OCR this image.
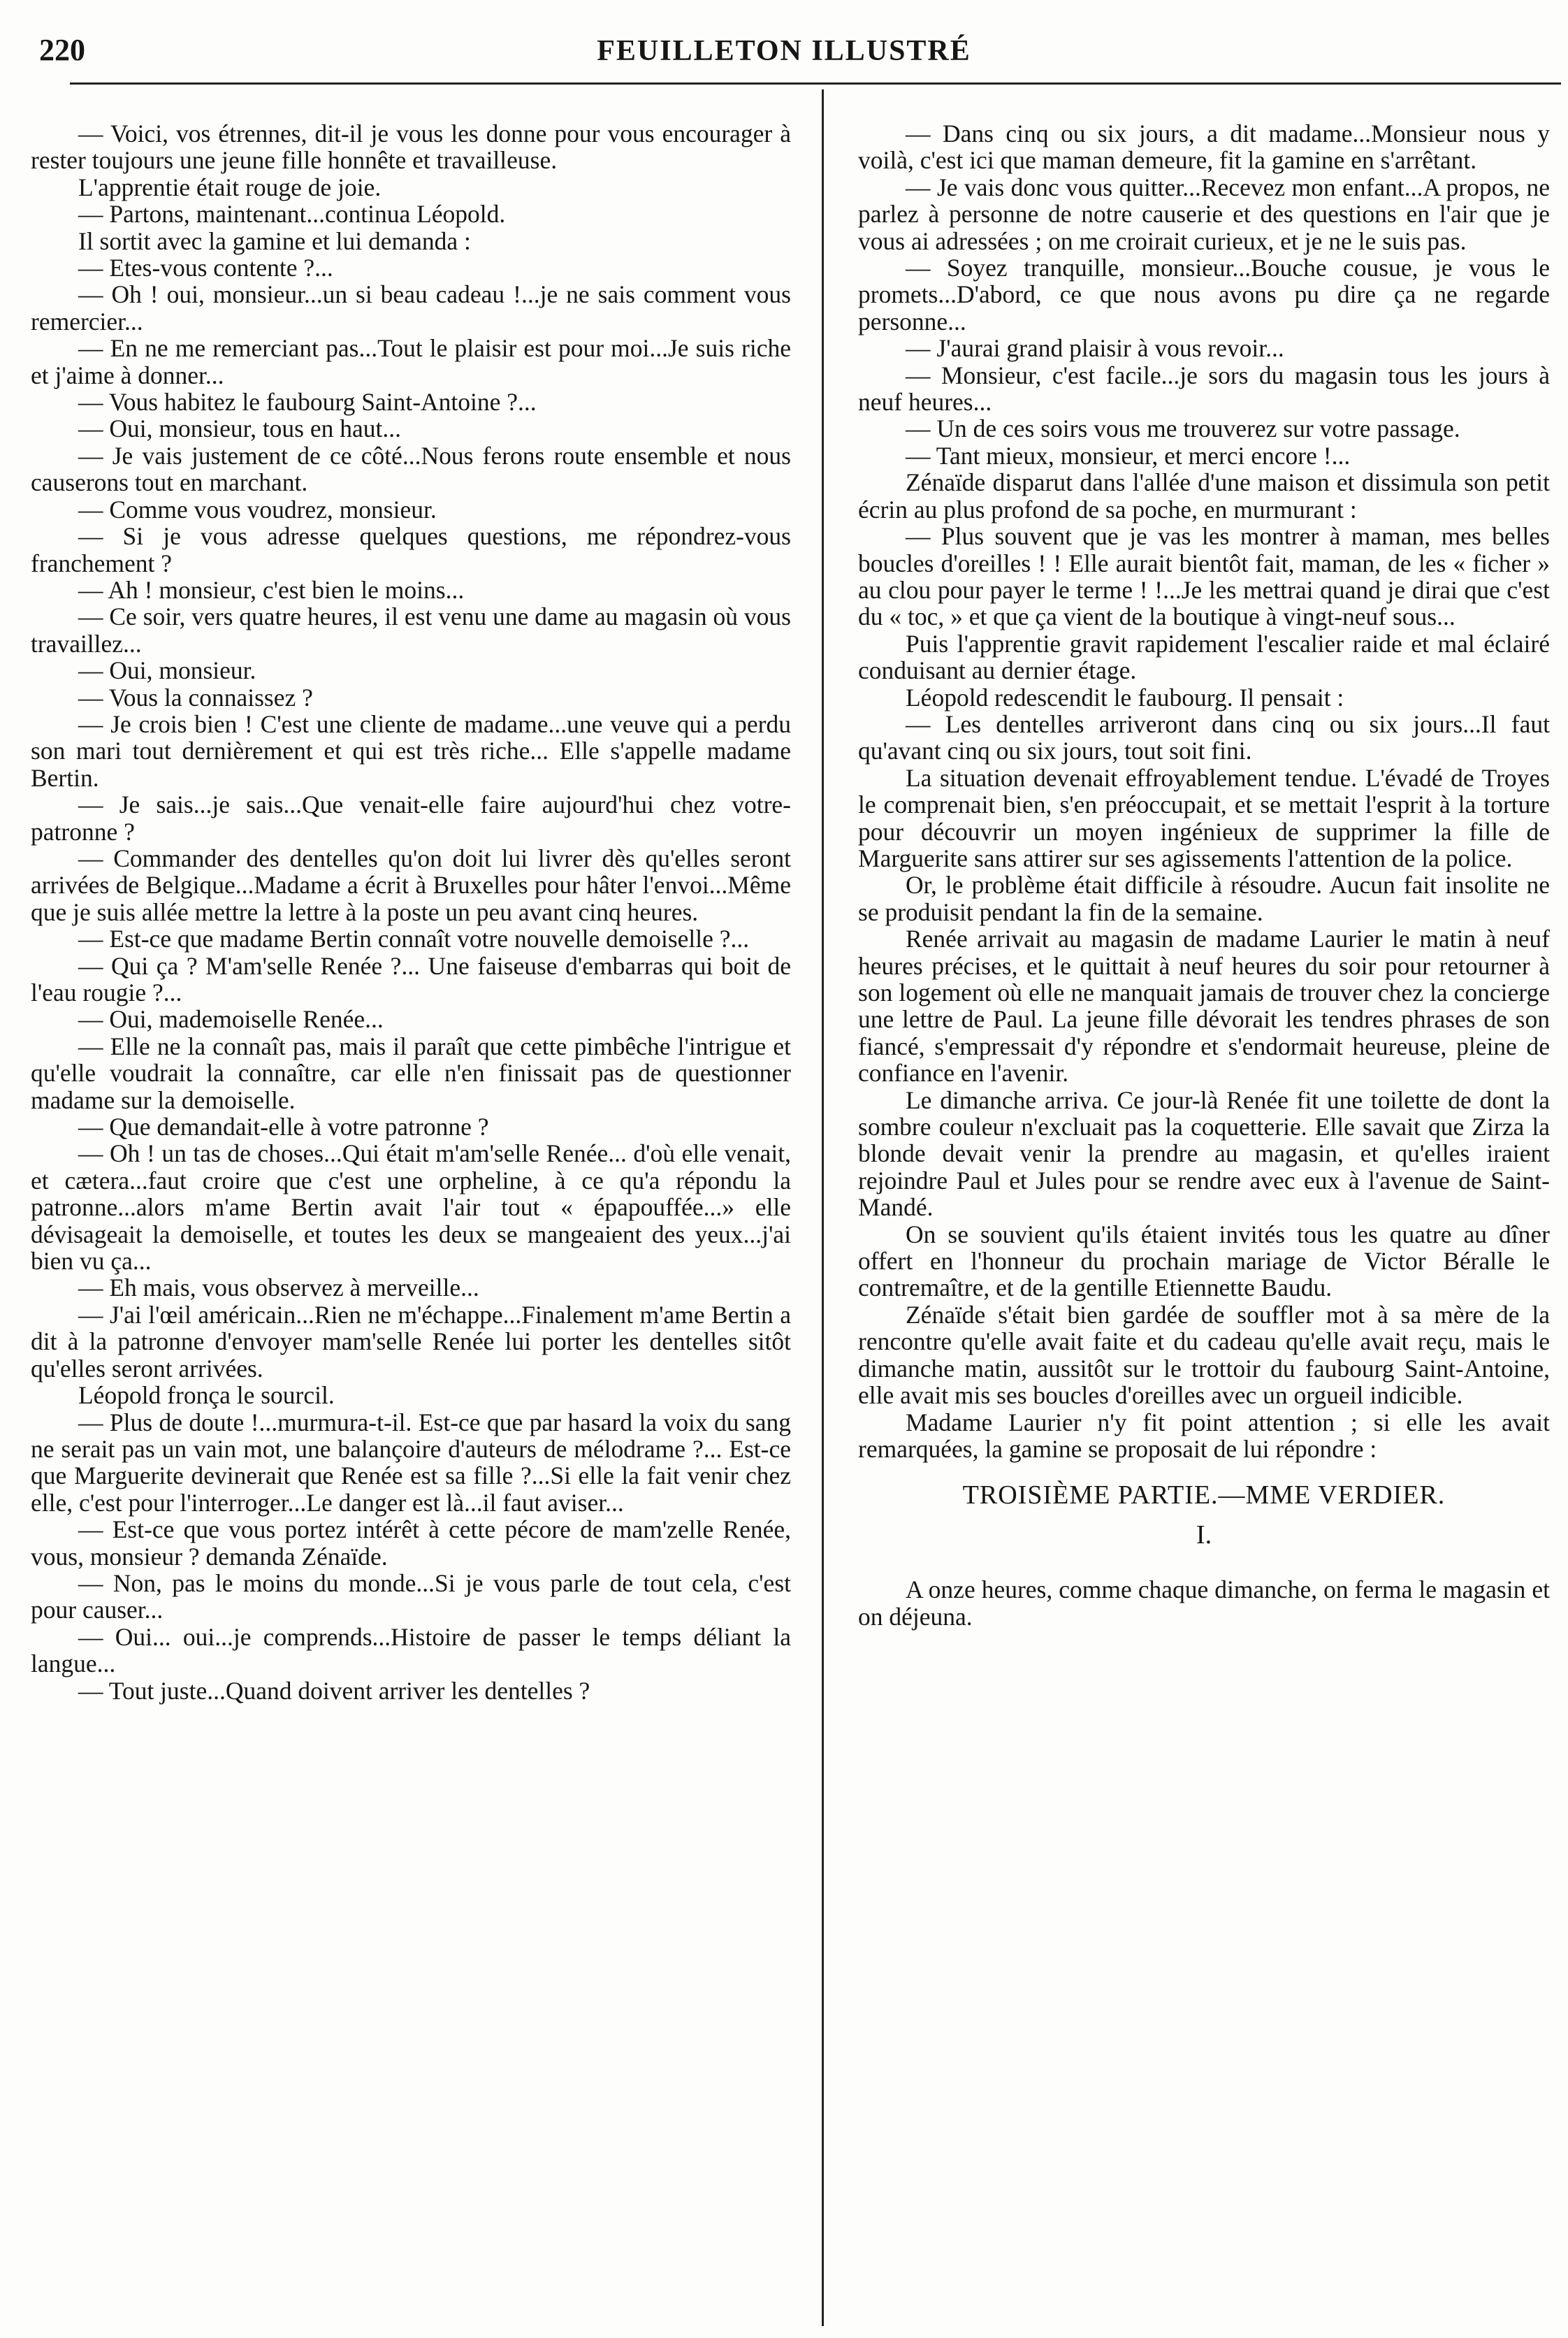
220	FEUILLETON ILLUSTRÉ

— Voici, vos étrennes, dit-il je vous les donne pour vous encourager à rester toujours une jeune fille honnête et travailleuse.

L'apprentie était rouge de joie.

— Partons, maintenant...continua Léopold.

Il sortit avec la gamine et lui demanda :

— Etes-vous contente ?...

— Oh ! oui, monsieur...un si beau cadeau !...je ne sais comment vous remercier...

— En ne me remerciant pas...Tout le plaisir est pour moi...Je suis riche et j'aime à donner...

— Vous habitez le faubourg Saint-Antoine ?...

— Oui, monsieur, tous en haut...

— Je vais justement de ce côté...Nous ferons route ensemble et nous causerons tout en marchant.

— Comme vous voudrez, monsieur.

— Si je vous adresse quelques questions, me répondrez-vous franchement ?

— Ah ! monsieur, c'est bien le moins...

— Ce soir, vers quatre heures, il est venu une dame au magasin où vous travaillez...

— Oui, monsieur.

— Vous la connaissez ?

— Je crois bien ! C'est une cliente de madame...une veuve qui a perdu son mari tout dernièrement et qui est très riche... Elle s'appelle madame Bertin.

— Je sais...je sais...Que venait-elle faire aujourd'hui chez votre-patronne ?

— Commander des dentelles qu'on doit lui livrer dès qu'elles seront arrivées de Belgique...Madame a écrit à Bruxelles pour hâter l'envoi...Même que je suis allée mettre la lettre à la poste un peu avant cinq heures.

— Est-ce que madame Bertin connaît votre nouvelle demoiselle ?...

— Qui ça ? M'am'selle Renée ?... Une faiseuse d'embarras qui boit de l'eau rougie ?...

— Oui, mademoiselle Renée...

— Elle ne la connaît pas, mais il paraît que cette pimbêche l'intrigue et qu'elle voudrait la connaître, car elle n'en finissait pas de questionner madame sur la demoiselle.

— Que demandait-elle à votre patronne ?

— Oh ! un tas de choses...Qui était m'am'selle Renée... d'où elle venait, et cætera...faut croire que c'est une orpheline, à ce qu'a répondu la patronne...alors m'ame Bertin avait l'air tout « épapouffée...» elle dévisageait la demoiselle, et toutes les deux se mangeaient des yeux...j'ai bien vu ça...

— Eh mais, vous observez à merveille...

— J'ai l'œil américain...Rien ne m'échappe...Finalement m'ame Bertin a dit à la patronne d'envoyer mam'selle Renée lui porter les dentelles sitôt qu'elles seront arrivées.

Léopold fronça le sourcil.

— Plus de doute !...murmura-t-il. Est-ce que par hasard la voix du sang ne serait pas un vain mot, une balançoire d'auteurs de mélodrame ?... Est-ce que Marguerite devinerait que Renée est sa fille ?...Si elle la fait venir chez elle, c'est pour l'interroger...Le danger est là...il faut aviser...

— Est-ce que vous portez intérêt à cette pécore de mam'zelle Renée, vous, monsieur ? demanda Zénaïde.

— Non, pas le moins du monde...Si je vous parle de tout cela, c'est pour causer...

— Oui... oui...je comprends...Histoire de passer le temps déliant la langue...

— Tout juste...Quand doivent arriver les dentelles ?

— Dans cinq ou six jours, a dit madame...Monsieur nous y voilà, c'est ici que maman demeure, fit la gamine en s'arrêtant.

— Je vais donc vous quitter...Recevez mon enfant...A propos, ne parlez à personne de notre causerie et des questions en l'air que je vous ai adressées ; on me croirait curieux, et je ne le suis pas.

— Soyez tranquille, monsieur...Bouche cousue, je vous le promets...D'abord, ce que nous avons pu dire ça ne regarde personne...

— J'aurai grand plaisir à vous revoir...

— Monsieur, c'est facile...je sors du magasin tous les jours à neuf heures...

— Un de ces soirs vous me trouverez sur votre passage.

— Tant mieux, monsieur, et merci encore !...

Zénaïde disparut dans l'allée d'une maison et dissimula son petit écrin au plus profond de sa poche, en murmurant :

— Plus souvent que je vas les montrer à maman, mes belles boucles d'oreilles ! ! Elle aurait bientôt fait, maman, de les « ficher » au clou pour payer le terme ! !...Je les mettrai quand je dirai que c'est du « toc, » et que ça vient de la boutique à vingt-neuf sous...

Puis l'apprentie gravit rapidement l'escalier raide et mal éclairé conduisant au dernier étage.

Léopold redescendit le faubourg. Il pensait :

— Les dentelles arriveront dans cinq ou six jours...Il faut qu'avant cinq ou six jours, tout soit fini.

La situation devenait effroyablement tendue. L'évadé de Troyes le comprenait bien, s'en préoccupait, et se mettait l'esprit à la torture pour découvrir un moyen ingénieux de supprimer la fille de Marguerite sans attirer sur ses agissements l'attention de la police.

Or, le problème était difficile à résoudre. Aucun fait insolite ne se produisit pendant la fin de la semaine.

Renée arrivait au magasin de madame Laurier le matin à neuf heures précises, et le quittait à neuf heures du soir pour retourner à son logement où elle ne manquait jamais de trouver chez la concierge une lettre de Paul. La jeune fille dévorait les tendres phrases de son fiancé, s'empressait d'y répondre et s'endormait heureuse, pleine de confiance en l'avenir.

Le dimanche arriva. Ce jour-là Renée fit une toilette de dont la sombre couleur n'excluait pas la coquetterie. Elle savait que Zirza la blonde devait venir la prendre au magasin, et qu'elles iraient rejoindre Paul et Jules pour se rendre avec eux à l'avenue de Saint-Mandé.

On se souvient qu'ils étaient invités tous les quatre au dîner offert en l'honneur du prochain mariage de Victor Béralle le contremaître, et de la gentille Etiennette Baudu.

Zénaïde s'était bien gardée de souffler mot à sa mère de la rencontre qu'elle avait faite et du cadeau qu'elle avait reçu, mais le dimanche matin, aussitôt sur le trottoir du faubourg Saint-Antoine, elle avait mis ses boucles d'oreilles avec un orgueil indicible.

Madame Laurier n'y fit point attention ; si elle les avait remarquées, la gamine se proposait de lui répondre :

TROISIÈME PARTIE.—MME VERDIER.

I.

A onze heures, comme chaque dimanche, on ferma le magasin et on déjeuna.
